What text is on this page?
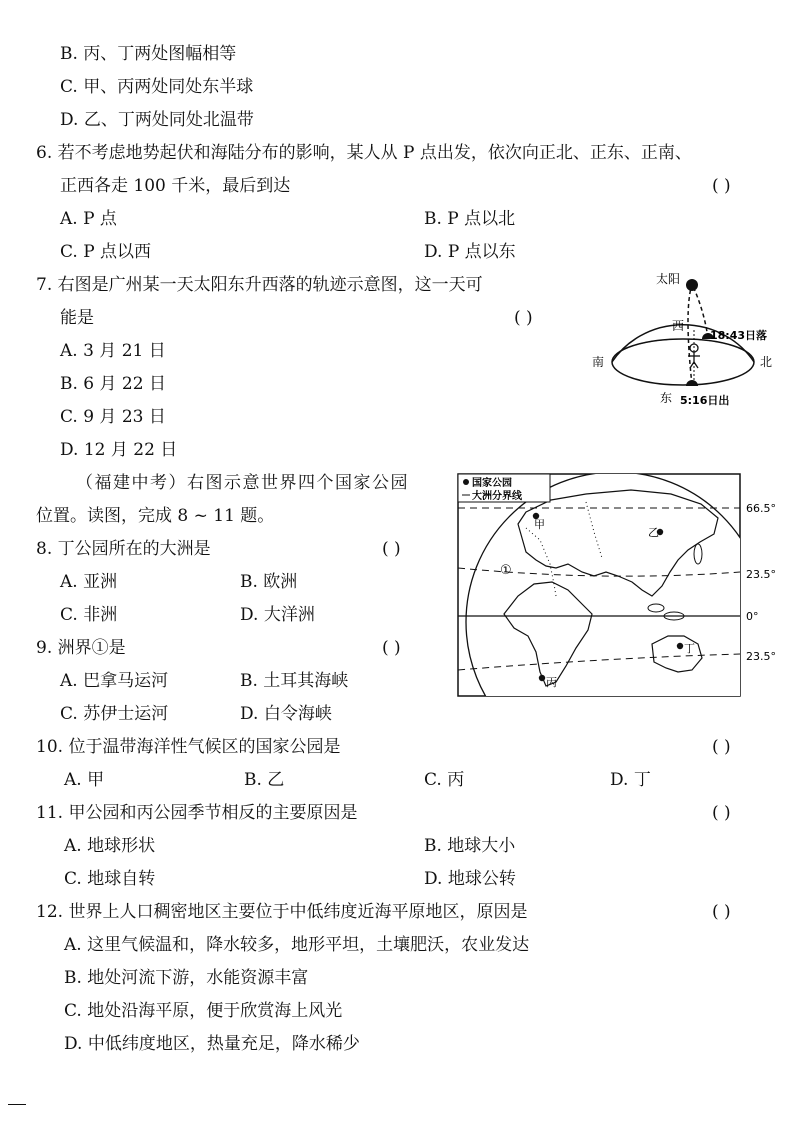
B. 丙、丁两处图幅相等
C. 甲、丙两处同处东半球
D. 乙、丁两处同处北温带
6. 若不考虑地势起伏和海陆分布的影响，某人从 P 点出发，依次向正北、正东、正南、
正西各走 100 千米，最后到达	( )
A. P 点	B. P 点以北
C. P 点以西	D. P 点以东
7. 右图是广州某一天太阳东升西落的轨迹示意图，这一天可
能是	( )
A. 3 月 21 日
B. 6 月 22 日
C. 9 月 23 日
D. 12 月 22 日
太阳
西
南	北
东
18:43日落
5:16日出
（福建中考）右图示意世界四个国家公园
位置。读图，完成 8 ~ 11 题。
8. 丁公园所在的大洲是	( )
A. 亚洲	B. 欧洲
C. 非洲	D. 大洋洲
9. 洲界①是	( )
A. 巴拿马运河	B. 土耳其海峡
C. 苏伊士运河	D. 白令海峡
国家公园
大洲分界线
甲
乙
丙
丁
①
66.5°
23.5°
0°
23.5°
10. 位于温带海洋性气候区的国家公园是	( )
A. 甲	B. 乙	C. 丙	D. 丁
11. 甲公园和丙公园季节相反的主要原因是	( )
A. 地球形状	B. 地球大小
C. 地球自转	D. 地球公转
12. 世界上人口稠密地区主要位于中低纬度近海平原地区，原因是	( )
A. 这里气候温和，降水较多，地形平坦，土壤肥沃，农业发达
B. 地处河流下游，水能资源丰富
C. 地处沿海平原，便于欣赏海上风光
D. 中低纬度地区，热量充足，降水稀少
